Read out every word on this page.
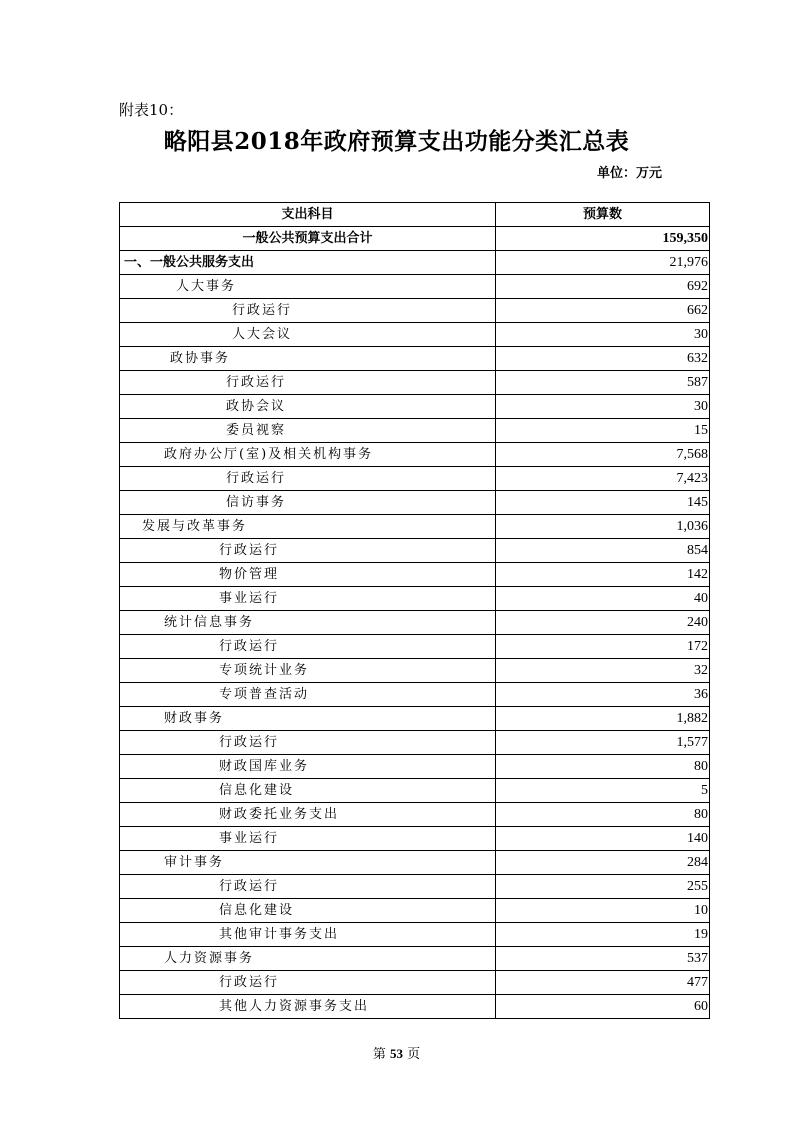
附表10：
略阳县2018年政府预算支出功能分类汇总表
单位：万元
支出科目	预算数
一般公共预算支出合计	159,350
一、一般公共服务支出	21,976
人大事务	692
行政运行	662
人大会议	30
政协事务	632
行政运行	587
政协会议	30
委员视察	15
政府办公厅(室)及相关机构事务	7,568
行政运行	7,423
信访事务	145
发展与改革事务	1,036
行政运行	854
物价管理	142
事业运行	40
统计信息事务	240
行政运行	172
专项统计业务	32
专项普查活动	36
财政事务	1,882
行政运行	1,577
财政国库业务	80
信息化建设	5
财政委托业务支出	80
事业运行	140
审计事务	284
行政运行	255
信息化建设	10
其他审计事务支出	19
人力资源事务	537
行政运行	477
其他人力资源事务支出	60
第 53 页
